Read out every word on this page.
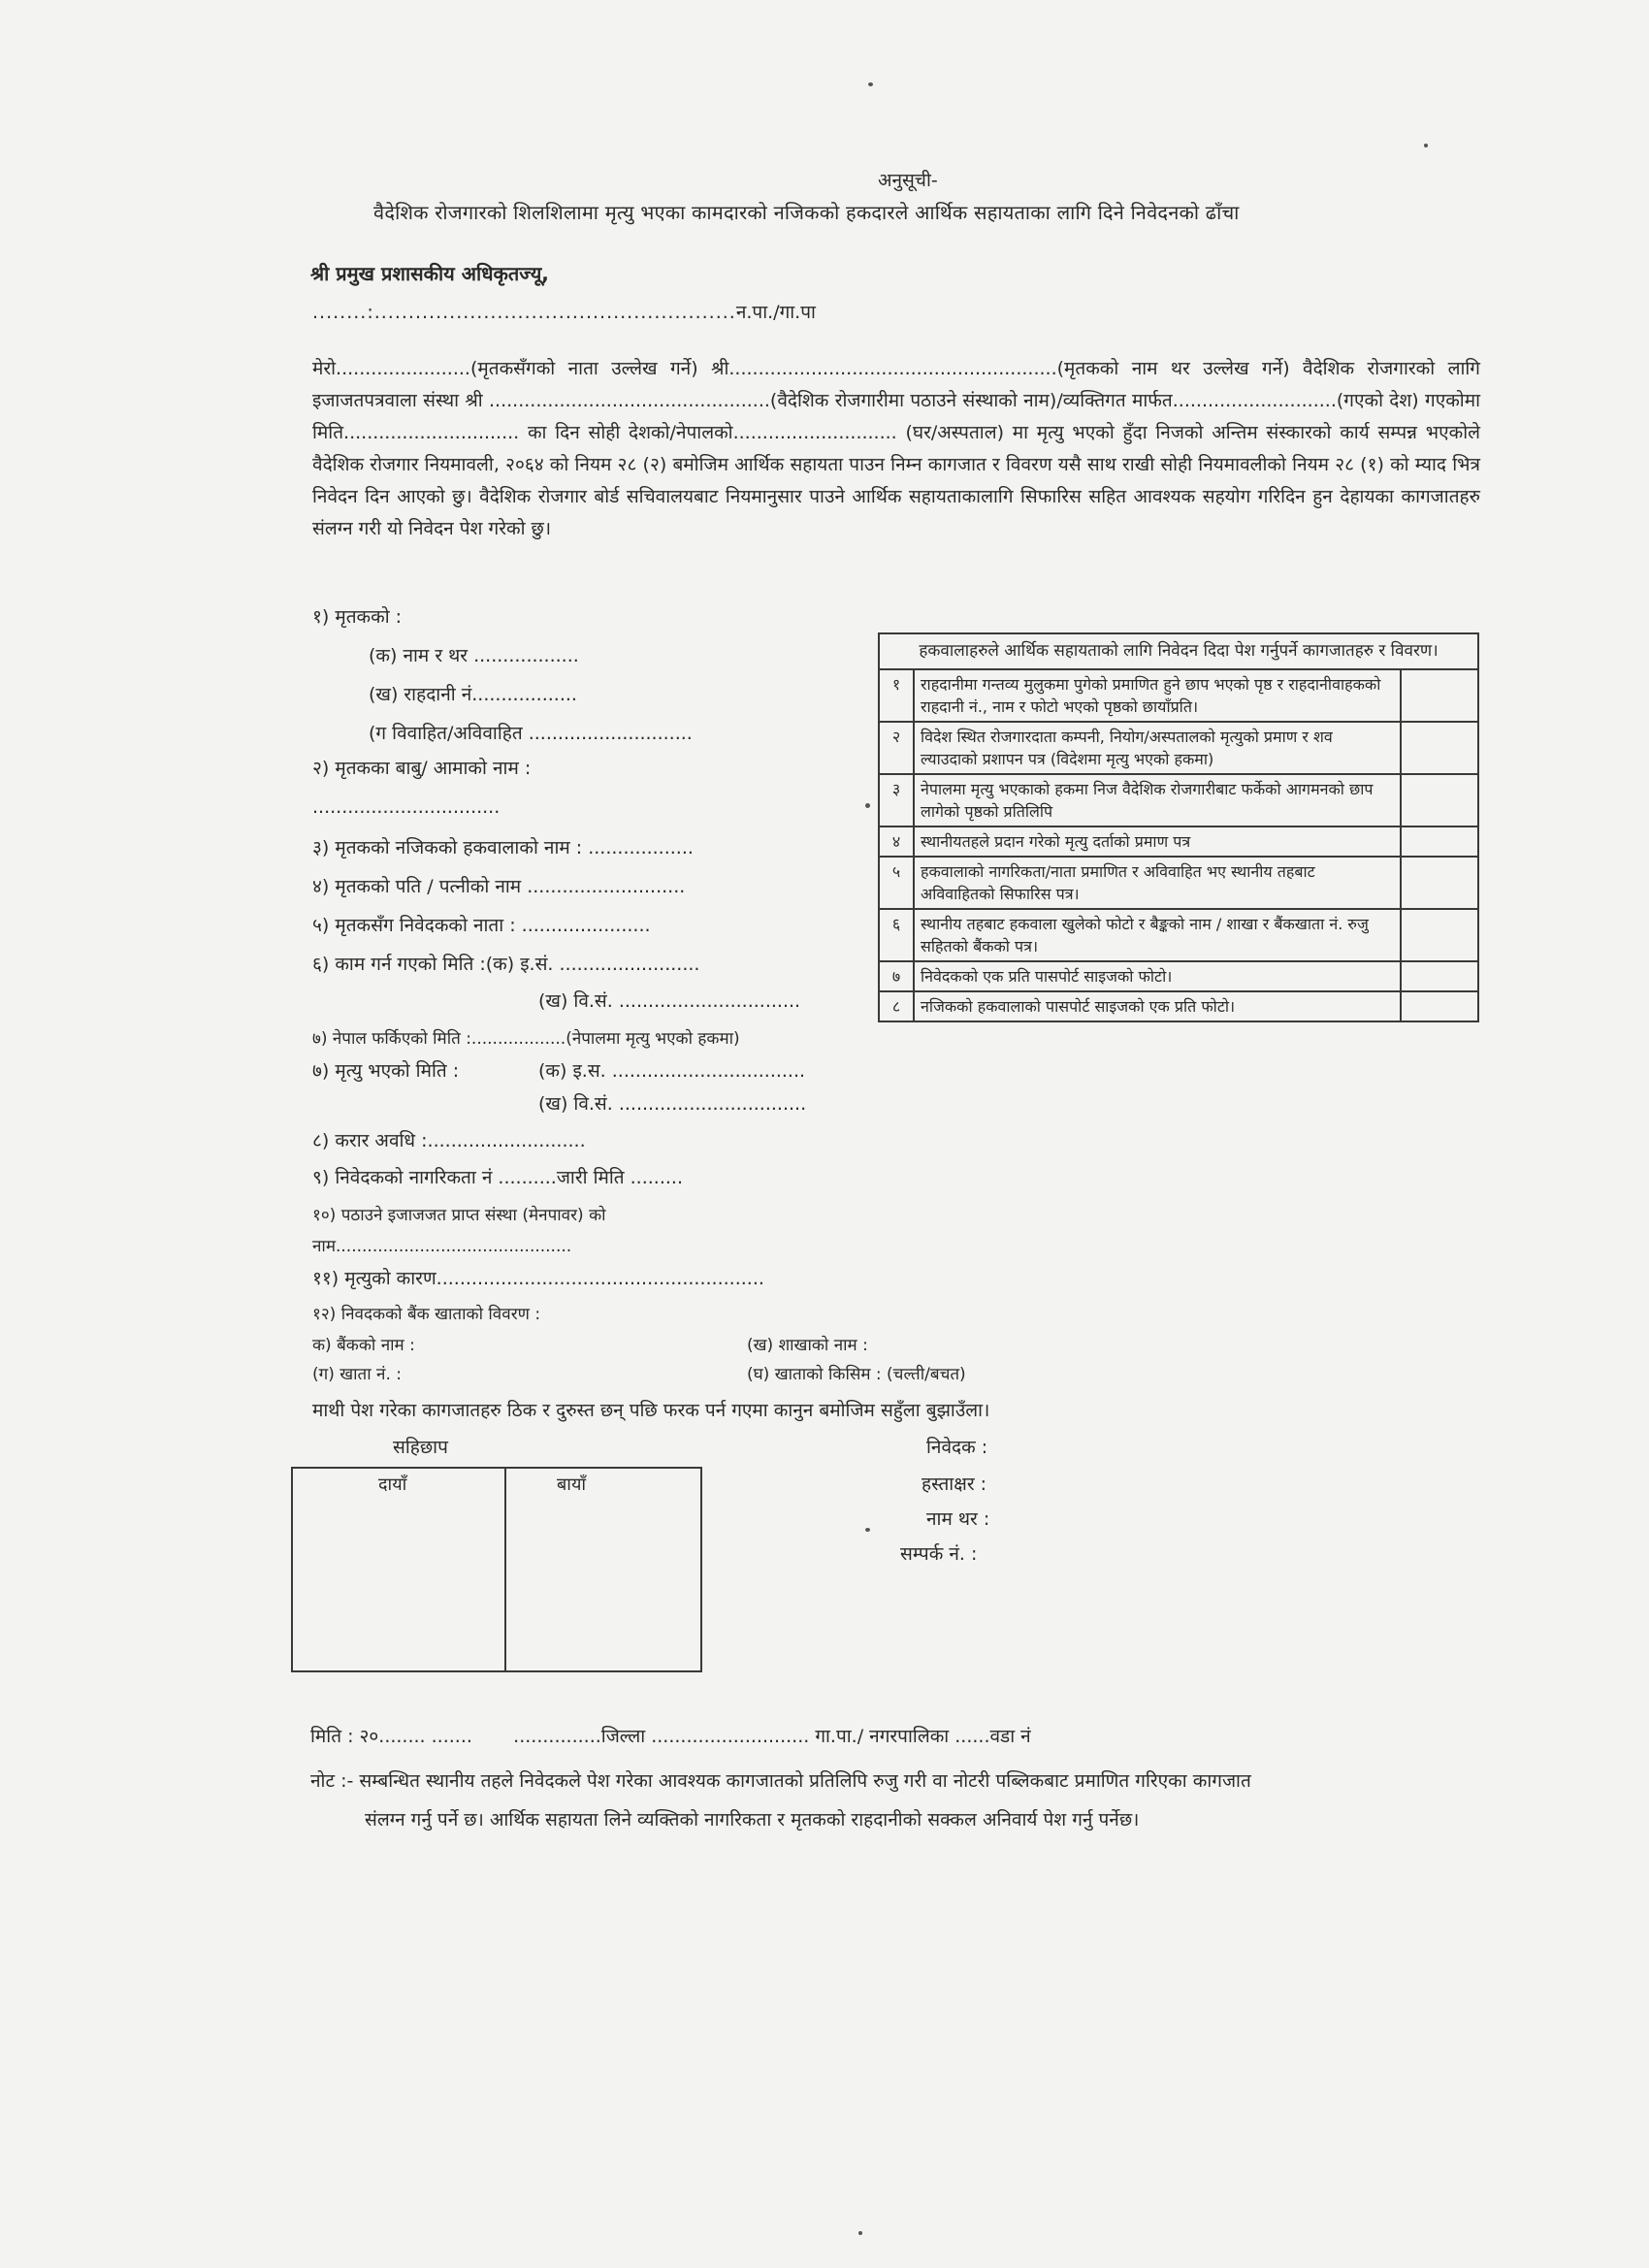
अनुसूची-
वैदेशिक रोजगारको शिलशिलामा मृत्यु भएका कामदारको नजिकको हकदारले आर्थिक सहायताका लागि दिने निवेदनको ढाँचा
श्री प्रमुख प्रशासकीय अधिकृतज्यू,
........:.....................................................न.पा./गा.पा
मेरो.......................(मृतकसँगको नाता उल्लेख गर्ने) श्री........................................................(मृतकको नाम थर उल्लेख गर्ने) वैदेशिक रोजगारको लागि इजाजतपत्रवाला संस्था श्री ................................................(वैदेशिक रोजगारीमा पठाउने संस्थाको नाम)/व्यक्तिगत मार्फत............................(गएको देश) गएकोमा मिति.............................. का दिन सोही देशको/नेपालको............................ (घर/अस्पताल) मा मृत्यु भएको हुँदा निजको अन्तिम संस्कारको कार्य सम्पन्न भएकोले वैदेशिक रोजगार नियमावली, २०६४ को नियम २८ (२) बमोजिम आर्थिक सहायता पाउन निम्न कागजात र विवरण यसै साथ राखी सोही नियमावलीको नियम २८ (१) को म्याद भित्र निवेदन दिन आएको छु। वैदेशिक रोजगार बोर्ड सचिवालयबाट नियमानुसार पाउने आर्थिक सहायताकालागि सिफारिस सहित आवश्यक सहयोग गरिदिन हुन देहायका कागजातहरु संलग्न गरी यो निवेदन पेश गरेको छु।
१) मृतकको :
(क) नाम र थर ..................
(ख) राहदानी नं..................
(ग विवाहित/अविवाहित ............................
२) मृतकका बाबु/ आमाको नाम :
................................
३) मृतकको नजिकको हकवालाको नाम : ..................
४) मृतकको पति / पत्नीको नाम ...........................
५) मृतकसँग निवेदकको नाता : ......................
६) काम गर्न गएको मिति :(क) इ.सं. ........................
(ख) वि.सं. ...............................
७) नेपाल फर्किएको मिति :..................(नेपालमा मृत्यु भएको हकमा)
७) मृत्यु भएको मिति :	(क) इ.स. .................................
(ख) वि.सं. ................................
८) करार अवधि :...........................
९) निवेदकको नागरिकता नं ..........जारी मिति .........
१०) पठाउने इजाजजत प्राप्त संस्था (मेनपावर) को
नाम.............................................
११) मृत्युको कारण........................................................
१२) निवदकको बैंक खाताको विवरण :
क) बैंकको नाम :	(ख) शाखाको नाम :
(ग) खाता नं. :	(घ) खाताको किसिम : (चल्ती/बचत)
हकवालाहरुले आर्थिक सहायताको लागि निवेदन दिदा पेश गर्नुपर्ने कागजातहरु र विवरण।		
१	राहदानीमा गन्तव्य मुलुकमा पुगेको प्रमाणित हुने छाप भएको पृष्ठ र राहदानीवाहकको राहदानी नं., नाम र फोटो भएको पृष्ठको छायाँप्रति।	
२	विदेश स्थित रोजगारदाता कम्पनी, नियोग/अस्पतालको मृत्युको प्रमाण र शव ल्याउदाको प्रशापन पत्र (विदेशमा मृत्यु भएको हकमा)	
३	नेपालमा मृत्यु भएकाको हकमा निज वैदेशिक रोजगारीबाट फर्केको आगमनको छाप लागेको पृष्ठको प्रतिलिपि	
४	स्थानीयतहले प्रदान गरेको मृत्यु दर्ताको प्रमाण पत्र	
५	हकवालाको नागरिकता/नाता प्रमाणित र अविवाहित भए स्थानीय तहबाट अविवाहितको सिफारिस पत्र।	
६	स्थानीय तहबाट हकवाला खुलेको फोटो र बैङ्कको नाम / शाखा र बैंकखाता नं. रुजु सहितको बैंकको पत्र।	
७	निवेदकको एक प्रति पासपोर्ट साइजको फोटो।	
८	नजिकको हकवालाको पासपोर्ट साइजको एक प्रति फोटो।	
माथी पेश गरेका कागजातहरु ठिक र दुरुस्त छन् पछि फरक पर्न गएमा कानुन बमोजिम सहुँला बुझाउँला।
सहिछाप
दायाँ	बायाँ
निवेदक :
हस्ताक्षर :
नाम थर :
सम्पर्क नं. :
मिति : २०........ .......       ...............जिल्ला ........................... गा.पा./ नगरपालिका ......वडा नं
नोट :- सम्बन्धित स्थानीय तहले निवेदकले पेश गरेका आवश्यक कागजातको प्रतिलिपि रुजु गरी वा नोटरी पब्लिकबाट प्रमाणित गरिएका कागजात
संलग्न गर्नु पर्ने छ। आर्थिक सहायता लिने व्यक्तिको नागरिकता र मृतकको राहदानीको सक्कल अनिवार्य पेश गर्नु पर्नेछ।
